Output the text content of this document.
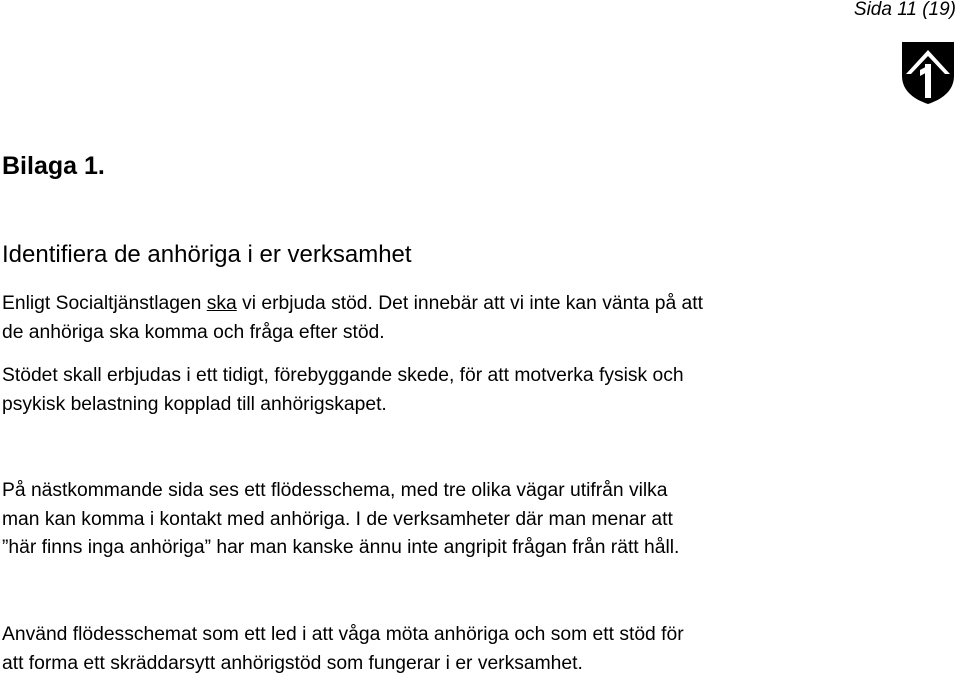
Sida 11 (19)
Bilaga 1.
Identifiera de anhöriga i er verksamhet

Enligt Socialtjänstlagen ska vi erbjuda stöd. Det innebär att vi inte kan vänta på att
de anhöriga ska komma och fråga efter stöd.

Stödet skall erbjudas i ett tidigt, förebyggande skede, för att motverka fysisk och
psykisk belastning kopplad till anhörigskapet.

På nästkommande sida ses ett flödesschema, med tre olika vägar utifrån vilka
man kan komma i kontakt med anhöriga. I de verksamheter där man menar att
”här finns inga anhöriga” har man kanske ännu inte angripit frågan från rätt håll.

Använd flödesschemat som ett led i att våga möta anhöriga och som ett stöd för
att forma ett skräddarsytt anhörigstöd som fungerar i er verksamhet.
